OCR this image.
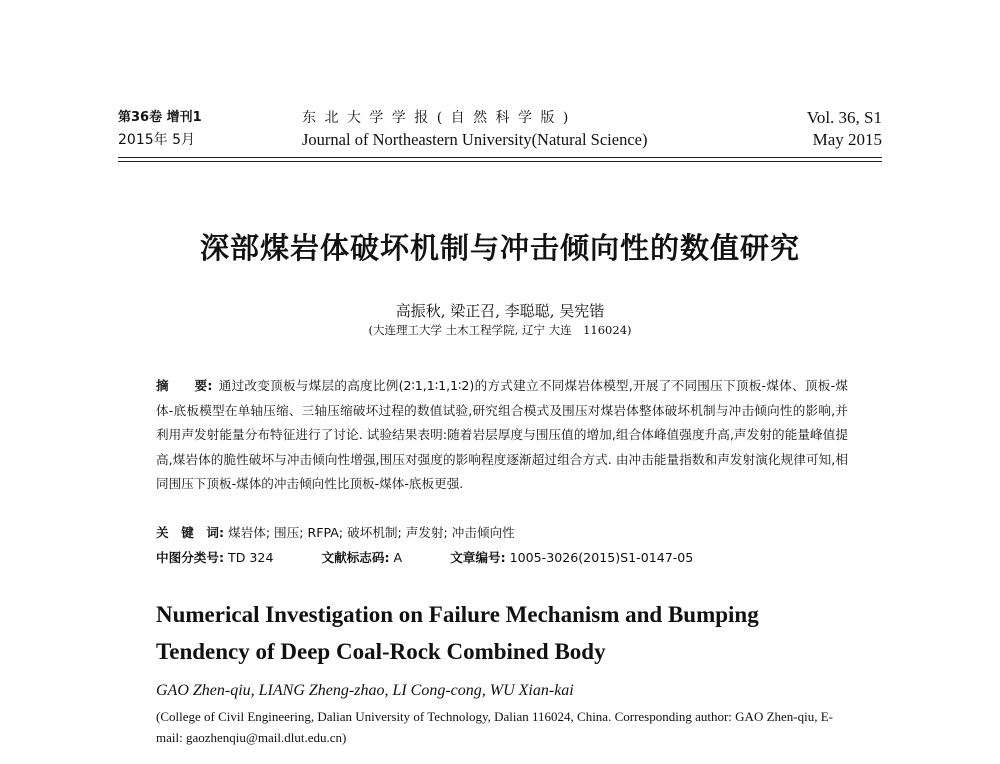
第36卷 增刊1
2015年 5月
东 北 大 学 学 报 ( 自 然 科 学 版 )
Journal of Northeastern University(Natural Science)
Vol. 36, S1
May 2015
深部煤岩体破坏机制与冲击倾向性的数值研究
高振秋, 梁正召, 李聪聪, 吴宪锴
(大连理工大学 土木工程学院, 辽宁 大连　116024)
摘　　要: 通过改变顶板与煤层的高度比例(2∶1,1∶1,1∶2)的方式建立不同煤岩体模型,开展了不同围压下顶板-煤体、顶板-煤体-底板模型在单轴压缩、三轴压缩破坏过程的数值试验,研究组合模式及围压对煤岩体整体破坏机制与冲击倾向性的影响,并利用声发射能量分布特征进行了讨论. 试验结果表明:随着岩层厚度与围压值的增加,组合体峰值强度升高,声发射的能量峰值提高,煤岩体的脆性破坏与冲击倾向性增强,围压对强度的影响程度逐渐超过组合方式. 由冲击能量指数和声发射演化规律可知,相同围压下顶板-煤体的冲击倾向性比顶板-煤体-底板更强.
关　键　词: 煤岩体; 围压; RFPA; 破坏机制; 声发射; 冲击倾向性
中图分类号: TD 324	文献标志码: A	文章编号: 1005-3026(2015)S1-0147-05
Numerical Investigation on Failure Mechanism and Bumping Tendency of Deep Coal-Rock Combined Body
GAO Zhen-qiu, LIANG Zheng-zhao, LI Cong-cong, WU Xian-kai
(College of Civil Engineering, Dalian University of Technology, Dalian 116024, China. Corresponding author: GAO Zhen-qiu, E-mail: gaozhenqiu@mail.dlut.edu.cn)
